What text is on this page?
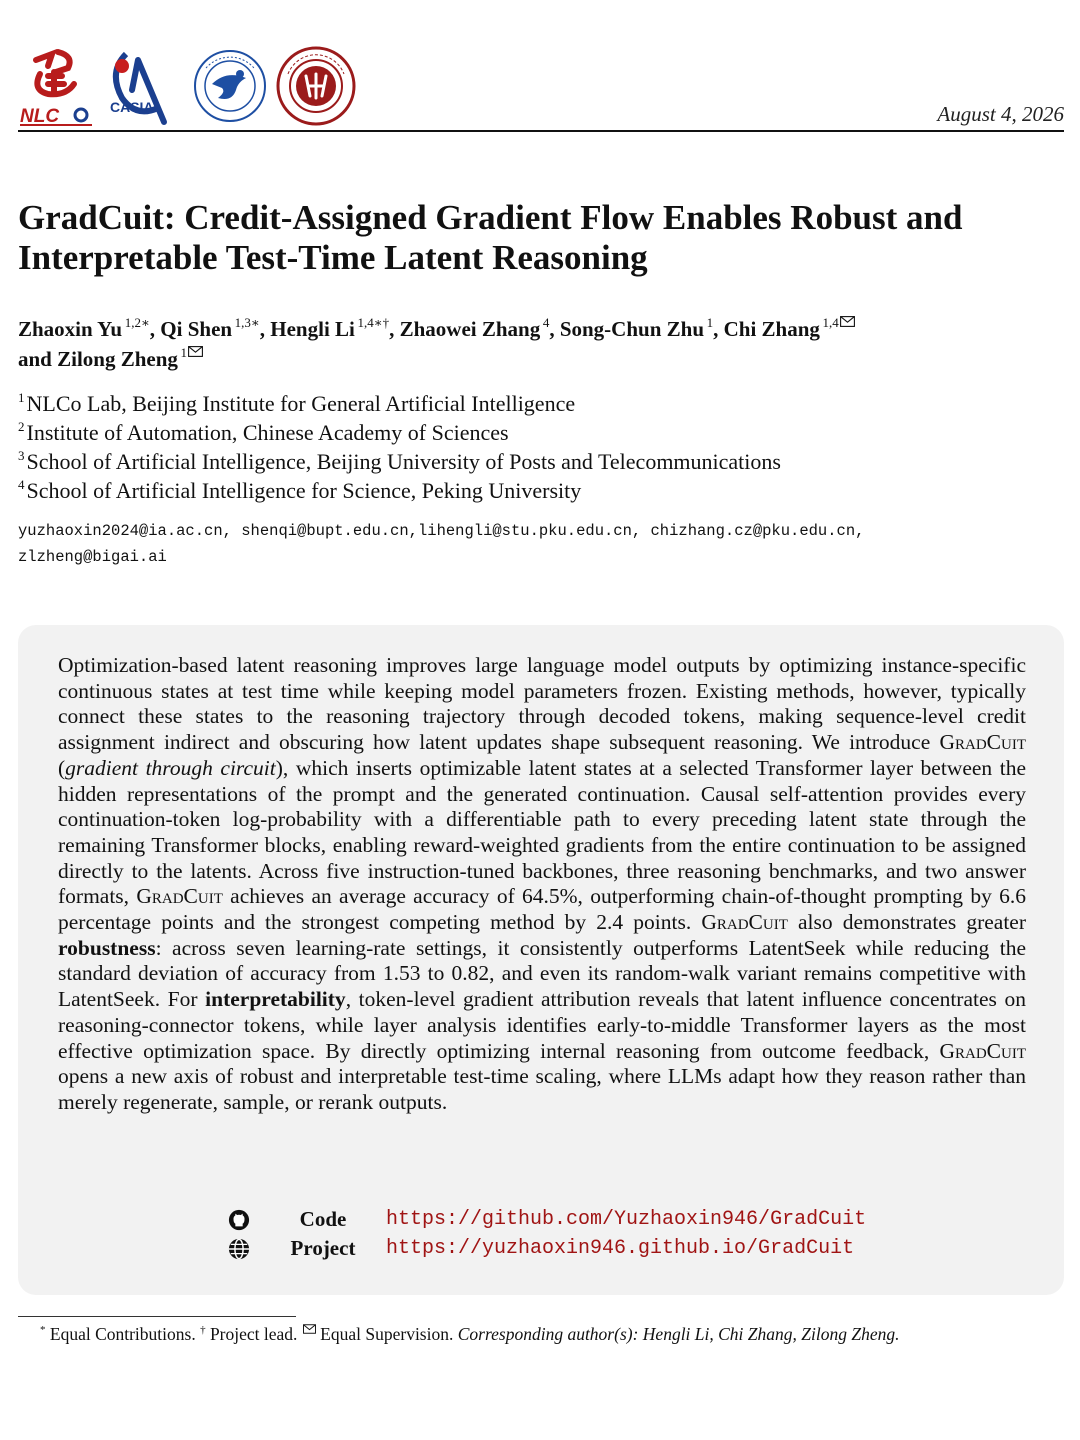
NLC	CASIA	August 4, 2026
GradCuit: Credit-Assigned Gradient Flow Enables Robust and Interpretable Test-Time Latent Reasoning
Zhaoxin Yu $^{1,2∗}$, Qi Shen $^{1,3∗}$, Hengli Li $^{1,4∗\dagger}$, Zhaowei Zhang $^4$, Song-Chun Zhu $^1$, Chi Zhang $^{1,4}$
and Zilong Zheng $^1$
$^1$NLCo Lab, Beijing Institute for General Artificial Intelligence
$^2$Institute of Automation, Chinese Academy of Sciences
$^3$School of Artificial Intelligence, Beijing University of Posts and Telecommunications
$^4$School of Artificial Intelligence for Science, Peking University
yuzhaoxin2024@ia.ac.cn, shenqi@bupt.edu.cn,lihengli@stu.pku.edu.cn, chizhang.cz@pku.edu.cn,
zlzheng@bigai.ai

Optimization-based latent reasoning improves large language model outputs by optimizing instance-specific continuous states at test time while keeping model parameters frozen. Existing methods, however, typically connect these states to the reasoning trajectory through decoded tokens, making sequence-level credit assignment indirect and obscuring how latent updates shape subsequent reasoning. We introduce GradCuit (gradient through circuit), which inserts optimizable latent states at a selected Transformer layer between the hidden representations of the prompt and the generated continuation. Causal self-attention provides every continuation-token log-probability with a differentiable path to every preceding latent state through the remaining Transformer blocks, enabling reward-weighted gradients from the entire continuation to be assigned directly to the latents. Across five instruction-tuned backbones, three reasoning benchmarks, and two answer formats, GradCuit achieves an average accuracy of 64.5%, outperforming chain-of-thought prompting by 6.6 percentage points and the strongest competing method by 2.4 points. GradCuit also demonstrates greater robustness: across seven learning-rate settings, it consistently outperforms LatentSeek while reducing the standard deviation of accuracy from 1.53 to 0.82, and even its random-walk variant remains competitive with LatentSeek. For interpretability, token-level gradient attribution reveals that latent influence concentrates on reasoning-connector tokens, while layer analysis identifies early-to-middle Transformer layers as the most effective optimization space. By directly optimizing internal reasoning from outcome feedback, GradCuit opens a new axis of robust and interpretable test-time scaling, where LLMs adapt how they reason rather than merely regenerate, sample, or rerank outputs.

Code	https://github.com/Yuzhaoxin946/GradCuit
Project	https://yuzhaoxin946.github.io/GradCuit
* Equal Contributions. † Project lead.  Equal Supervision. Corresponding author(s): Hengli Li, Chi Zhang, Zilong Zheng.
